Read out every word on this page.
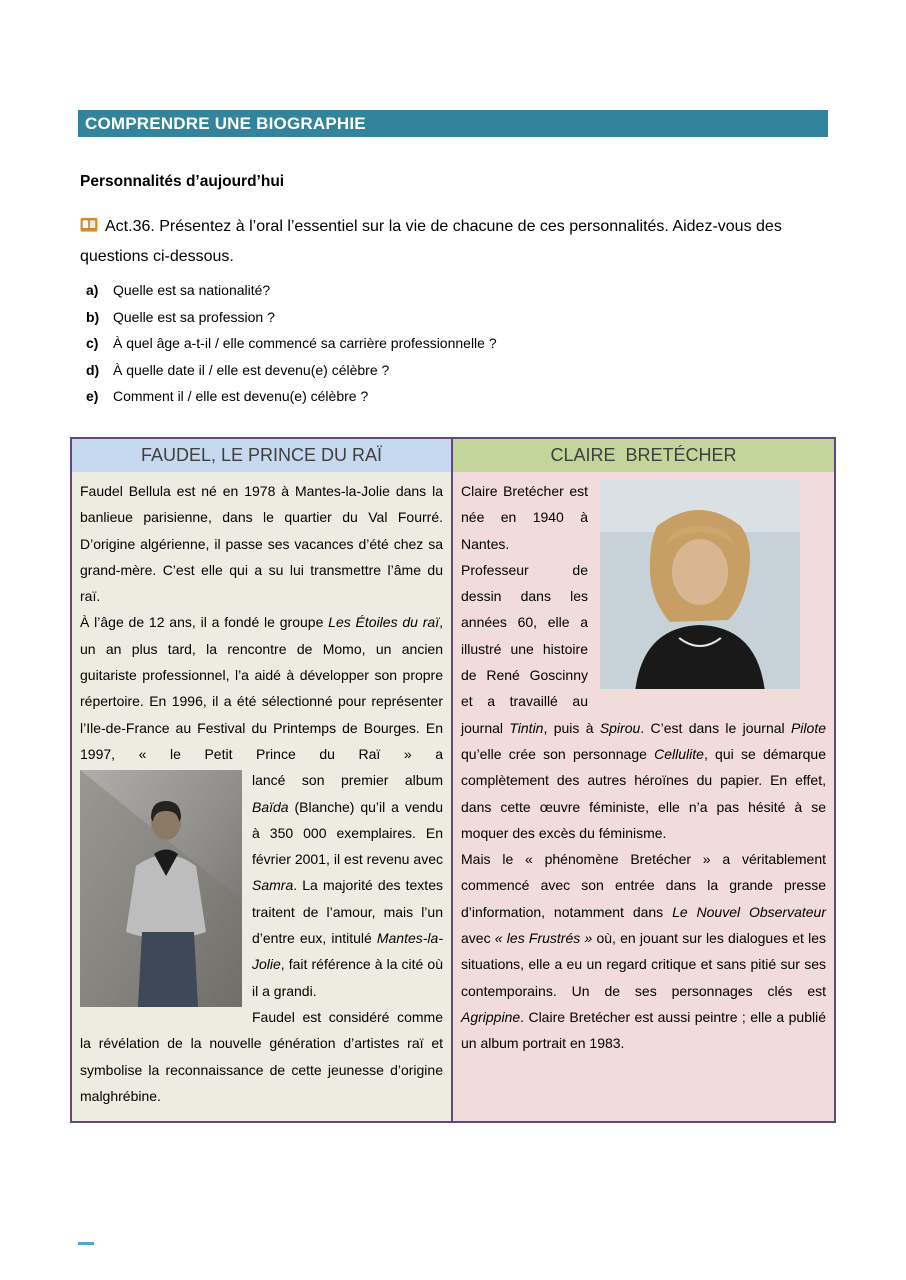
COMPRENDRE UNE BIOGRAPHIE
Personnalités d’aujourd’hui

Act.36. Présentez à l’oral l’essentiel sur la vie de chacune de ces personnalités. Aidez-vous des questions ci-dessous.

a)	Quelle est sa nationalité?
b) Quelle est sa profession ?
c)	À quel âge a-t-il / elle commencé sa carrière professionnelle ?
d) À quelle date il / elle est devenu(e) célèbre ?
e)	Comment il / elle est devenu(e) célèbre ?
FAUDEL, LE PRINCE DU RAÏ

Faudel Bellula est né en 1978 à Mantes-la-Jolie dans la banlieue parisienne, dans le quartier du Val Fourré. D’origine algérienne, il passe ses vacances d’été chez sa grand-mère. C’est elle qui a su lui transmettre l’âme du raï.

À l’âge de 12 ans, il a fondé le groupe Les Étoiles du raï, un an plus tard, la rencontre de Momo, un ancien guitariste professionnel, l’a aidé à développer son propre répertoire. En 1996, il a été sélectionné pour représenter l’Ile-de-France au Festival du Printemps de Bourges. En 1997, « le Petit Prince du Raï » a

lancé son premier album Baïda (Blanche) qu’il a vendu à 350 000 exemplaires. En février 2001, il est revenu avec Samra. La majorité des textes traitent de l’amour, mais l’un d’entre eux, intitulé Mantes-la-Jolie, fait référence à la cité où il a grandi.

Faudel est considéré comme la révélation de la nouvelle génération d’artistes raï et symbolise la reconnaissance de cette jeunesse d’origine malghrébine.

CLAIRE  BRETÉCHER

Claire Bretécher est née en 1940 à Nantes.

Professeur de dessin dans les années 60, elle a illustré une histoire de René Goscinny et a travaillé au journal Tintin, puis à Spirou. C’est dans le journal Pilote qu’elle crée son personnage Cellulite, qui se démarque complètement des autres héroïnes du papier. En effet, dans cette œuvre féministe, elle n’a pas hésité à se moquer des excès du féminisme.

Mais le « phénomène Bretécher » a véritablement commencé avec son entrée dans la grande presse d’information, notamment dans Le Nouvel Observateur avec « les Frustrés » où, en jouant sur les dialogues et les situations, elle a eu un regard critique et sans pitié sur ses contemporains. Un de ses personnages clés est Agrippine. Claire Bretécher est aussi peintre ; elle a publié un album portrait en 1983.
